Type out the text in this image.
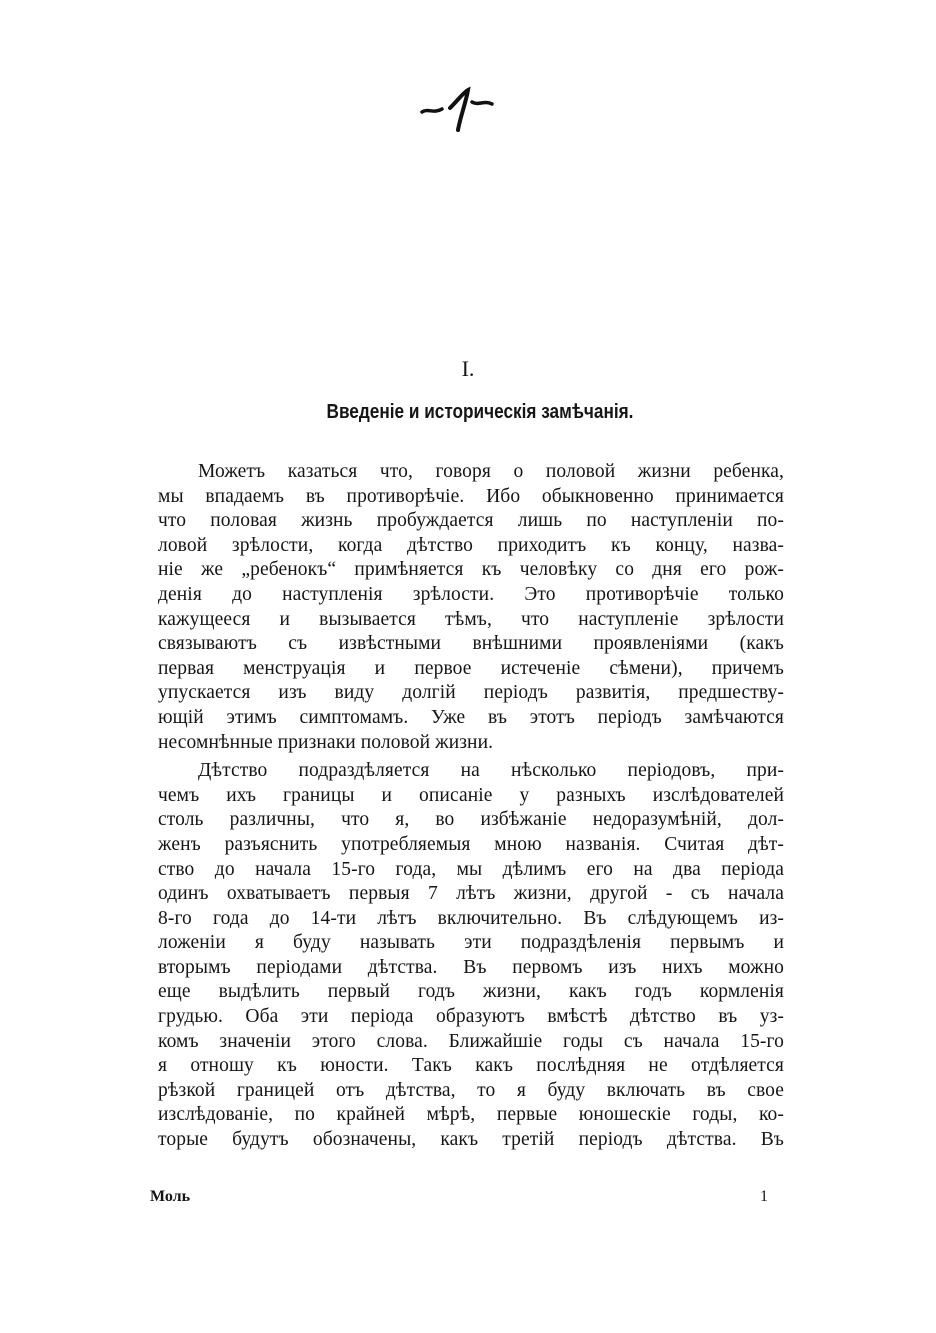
I.
Введеніе и историческія замѣчанія.
Можетъ казаться что, говоря о половой жизни ребенка,
мы впадаемъ въ противорѣчіе. Ибо обыкновенно принимается
что половая жизнь пробуждается лишь по наступленіи по-
ловой зрѣлости, когда дѣтство приходитъ къ концу, назва-
ніе же „ребенокъ“ примѣняется къ человѣку со дня его рож-
денія до наступленія зрѣлости. Это противорѣчіе только
кажущееся и вызывается тѣмъ, что наступленіе зрѣлости
связываютъ съ извѣстными внѣшними проявленіями (какъ
первая менструація и первое истеченіе сѣмени), причемъ
упускается изъ виду долгій періодъ развитія, предшеству-
ющій этимъ симптомамъ. Уже въ этотъ періодъ замѣчаются
несомнѣнные признаки половой жизни.
Дѣтство подраздѣляется на нѣсколько періодовъ, при-
чемъ ихъ границы и описаніе у разныхъ изслѣдователей
столь различны, что я, во избѣжаніе недоразумѣній, дол-
женъ разъяснить употребляемыя мною названія. Считая дѣт-
ство до начала 15-го года, мы дѣлимъ его на два періода
одинъ охватываетъ первыя 7 лѣтъ жизни, другой - съ начала
8-го года до 14-ти лѣтъ включительно. Въ слѣдующемъ из-
ложеніи я буду называть эти подраздѣленія первымъ и
вторымъ періодами дѣтства. Въ первомъ изъ нихъ можно
еще выдѣлить первый годъ жизни, какъ годъ кормленія
грудью. Оба эти періода образуютъ вмѣстѣ дѣтство въ уз-
комъ значеніи этого слова. Ближайшіе годы съ начала 15-го
я отношу къ юности. Такъ какъ послѣдняя не отдѣляется
рѣзкой границей отъ дѣтства, то я буду включать въ свое
изслѣдованіе, по крайней мѣрѣ, первые юношескіе годы, ко-
торые будутъ обозначены, какъ третій періодъ дѣтства. Въ
Моль	1
